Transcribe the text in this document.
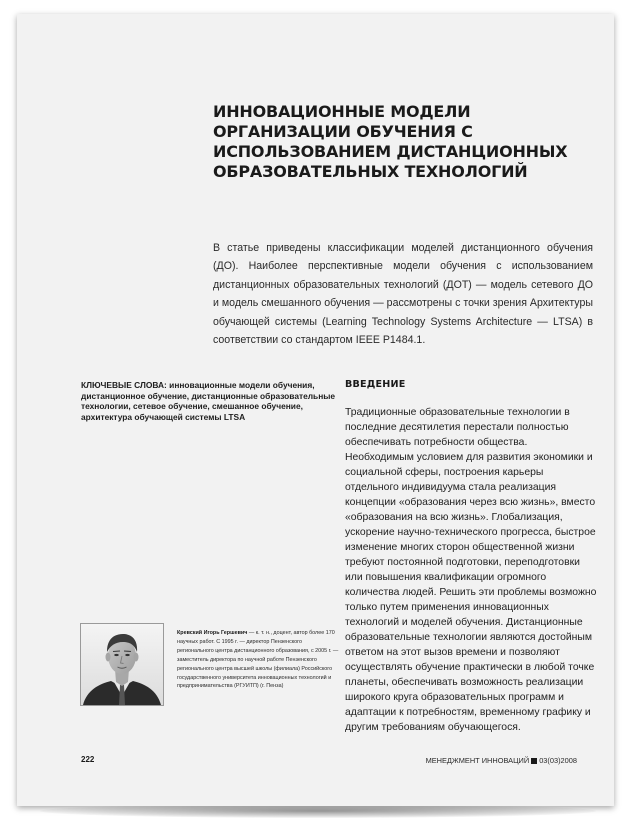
ИННОВАЦИОННЫЕ МОДЕЛИ ОРГАНИЗАЦИИ ОБУЧЕНИЯ С ИСПОЛЬЗОВАНИЕМ ДИСТАНЦИОННЫХ ОБРАЗОВАТЕЛЬНЫХ ТЕХНОЛОГИЙ

В статье приведены классификации моделей дистанционного обучения (ДО). Наиболее перспективные модели обучения с использованием дистанционных образовательных технологий (ДОТ) — модель сетевого ДО и модель смешанного обучения — рассмотрены с точки зрения Архитектуры обучающей системы (Learning Technology Systems Architecture — LTSA) в соответствии со стандартом IEEE P1484.1.

КЛЮЧЕВЫЕ СЛОВА: инновационные модели обучения, дистанционное обучение, дистанционные образовательные технологии, сетевое обучение, смешанное обучение, архитектура обучающей системы LTSA

ВВЕДЕНИЕ

Традиционные образовательные технологии в последние десятилетия перестали полностью обеспечивать потребности общества. Необходимым условием для развития экономики и социальной сферы, построения карьеры отдельного индивидуума стала реализация концепции «образования через всю жизнь», вместо «образования на всю жизнь». Глобализация, ускорение научно-технического прогресса, быстрое изменение многих сторон общественной жизни требуют постоянной подготовки, переподготовки или повышения квалификации огромного количества людей. Решить эти проблемы возможно только путем применения инновационных технологий и моделей обучения. Дистанционные образовательные технологии являются достойным ответом на этот вызов времени и позволяют осуществлять обучение практически в любой точке планеты, обеспечивать возможность реализации широкого круга образовательных программ и адаптации к потребностям, временному графику и другим требованиям обучающегося.

Кревский Игорь Гершевич — к. т. н., доцент, автор более 170 научных работ. С 1995 г. — директор Пензенского регионального центра дистанционного образования, с 2005 г. — заместитель директора по научной работе Пензенского регионального центра высшей школы (филиала) Российского государственного университета инновационных технологий и предпринимательства (РГУИТП) (г. Пенза)

222	МЕНЕДЖМЕНТ ИННОВАЦИЙ 03(03)2008
